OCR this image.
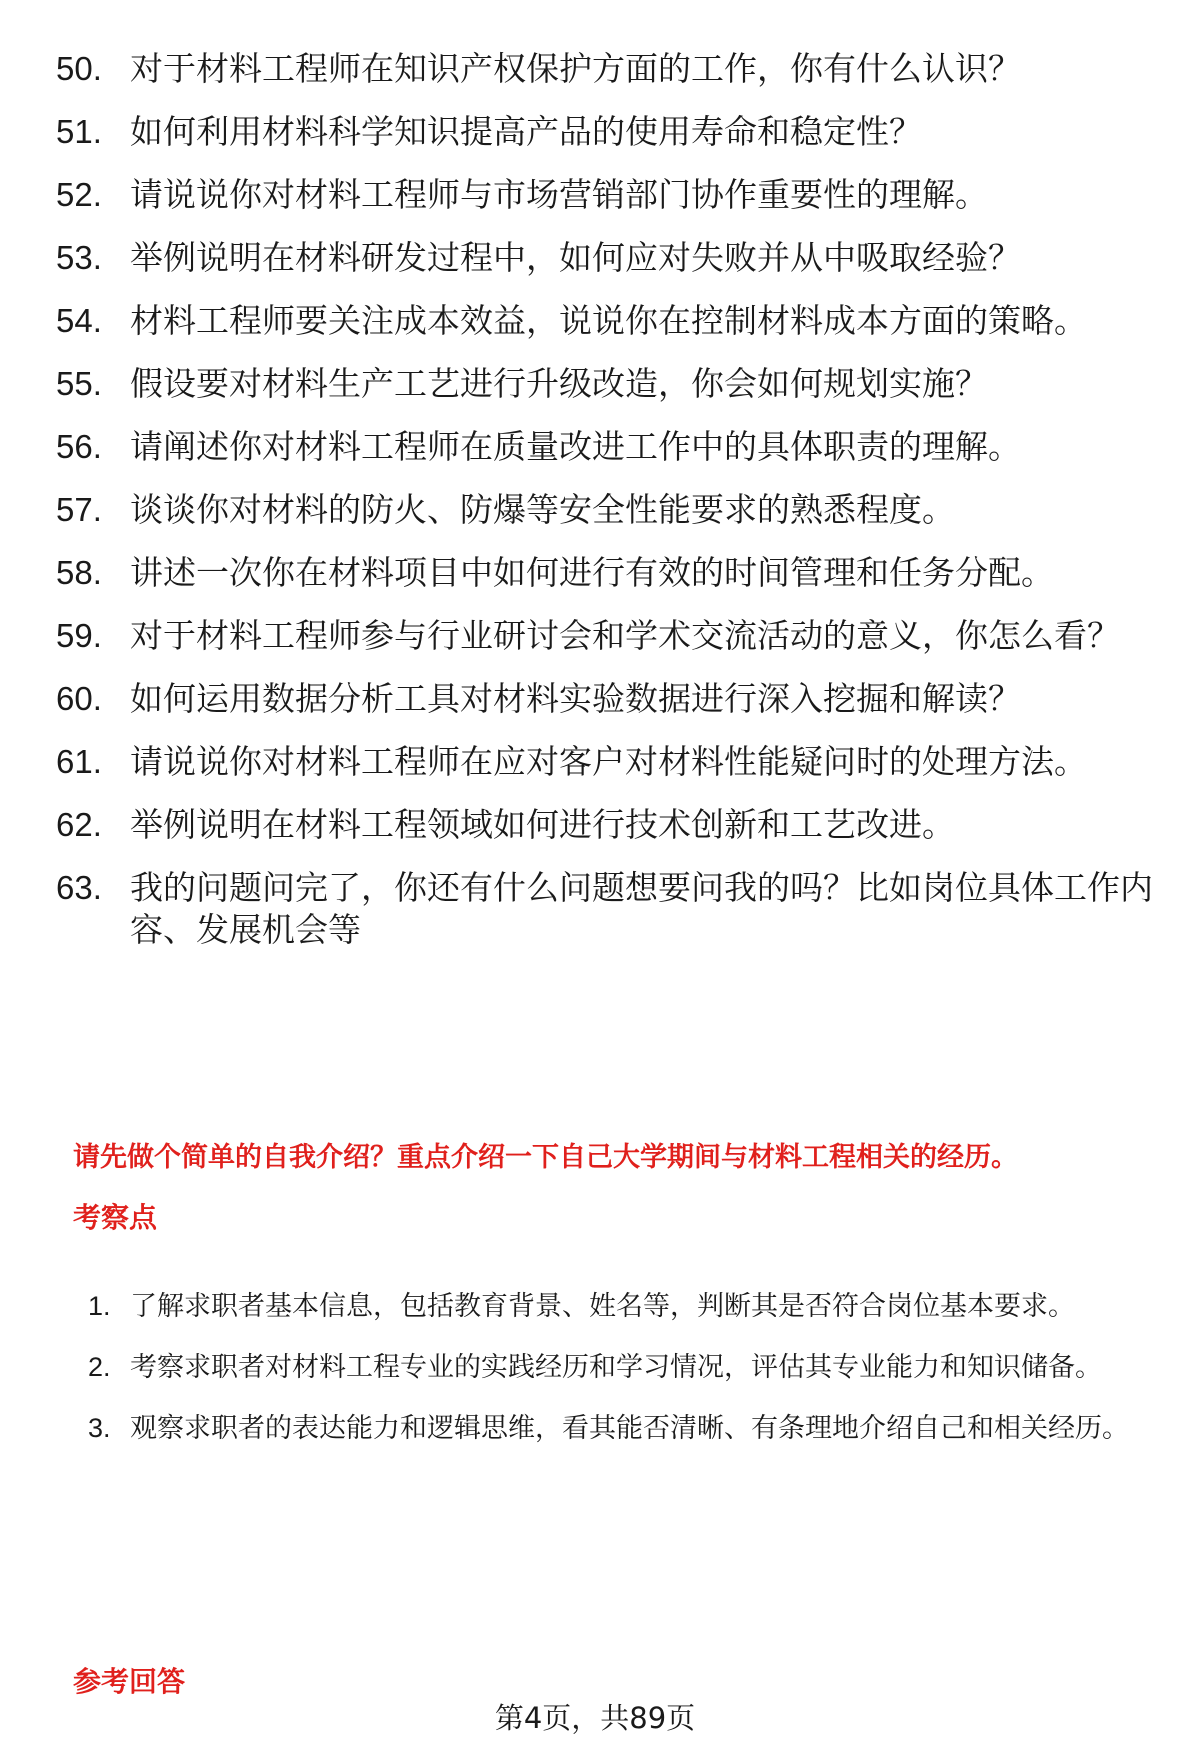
50. 对于材料工程师在知识产权保护方面的工作，你有什么认识？
51. 如何利用材料科学知识提高产品的使用寿命和稳定性？
52. 请说说你对材料工程师与市场营销部门协作重要性的理解。
53. 举例说明在材料研发过程中，如何应对失败并从中吸取经验？
54. 材料工程师要关注成本效益，说说你在控制材料成本方面的策略。
55. 假设要对材料生产工艺进行升级改造，你会如何规划实施？
56. 请阐述你对材料工程师在质量改进工作中的具体职责的理解。
57. 谈谈你对材料的防火、防爆等安全性能要求的熟悉程度。
58. 讲述一次你在材料项目中如何进行有效的时间管理和任务分配。
59. 对于材料工程师参与行业研讨会和学术交流活动的意义，你怎么看？
60. 如何运用数据分析工具对材料实验数据进行深入挖掘和解读？
61. 请说说你对材料工程师在应对客户对材料性能疑问时的处理方法。
62. 举例说明在材料工程领域如何进行技术创新和工艺改进。
63. 我的问题问完了，你还有什么问题想要问我的吗？比如岗位具体工作内容、发展机会等
请先做个简单的自我介绍？重点介绍一下自己大学期间与材料工程相关的经历。
考察点
1. 了解求职者基本信息，包括教育背景、姓名等，判断其是否符合岗位基本要求。
2. 考察求职者对材料工程专业的实践经历和学习情况，评估其专业能力和知识储备。
3. 观察求职者的表达能力和逻辑思维，看其能否清晰、有条理地介绍自己和相关经历。
参考回答
第4页，共89页
